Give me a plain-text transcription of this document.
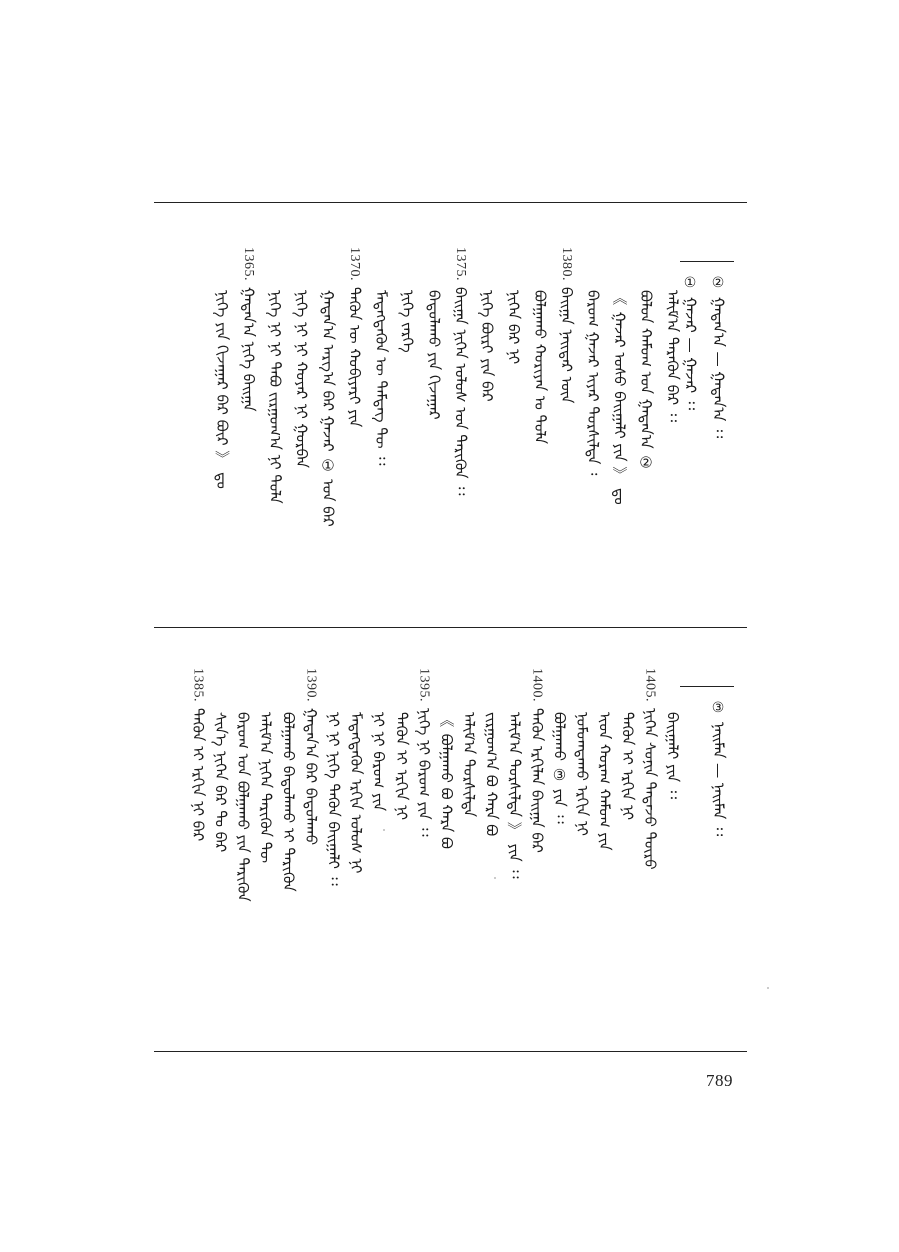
②
ᠭᠠᠳᠠᠨ᠎ᠠ — ᠭᠠᠳᠠᠨ᠎ᠠ ᠄᠄
①
ᠭᠠᠵᠠᠷ — ᠭᠠᠵᠠᠷ ᠄᠄
ᠠᠯᠢᠮ᠎ᠠ ᠲᠡᠷᠡᠭᠦᠨ ᠪᠠᠷ ᠄᠄
ᠪᠣᠯᠤᠨ ᠬᠠᠮᠤᠭ ᠤᠨ ᠭᠠᠳᠠᠨ᠎ᠠ ②
《 ᠭᠠᠵᠠᠷ ᠤᠰᠤ ᠪᠠᠢᠭᠠᠯᠢ ᠶᠢᠨ 》 ᠳᠤ
ᠪᠠᠷᠤᠭ ᠭᠠᠵᠠᠷ ᠢᠶᠠᠷ ᠲᠤᠷᠰᠢᠯᠲᠠ ᠄
1380.
ᠪᠠᠢᠭᠠ ᠨᠡᠢᠲᠡᠷ ᠦᠨ
ᠪᠣᠯᠭᠠᠬᠤ ᠬᠤᠷᠢᠶᠠᠨ ᠤ ᠲᠤᠯᠠ
ᠨᠢᠭᠡᠨ ᠪᠠᠷ ᠨᠢ
ᠨᠢᠭᠡ ᠪᠦᠷᠢ ᠶᠢᠨ ᠪᠠᠷ
1375.
ᠪᠠᠢᠭᠠ ᠨᠢᠭᠡᠨ ᠤᠯᠤᠰ ᠤᠨ ᠲᠡᠷᠢᠭᠦᠨ ᠄᠄
ᠪᠠᠲᠤᠯᠠᠬᠤ ᠶᠢᠨ ᠬᠢᠵᠠᠭᠠᠷ
ᠨᠢᠭᠡ ᠵᠡᠷᠭᠡ
ᠮᠡᠳᠡᠭᠳᠡᠬᠦᠨ ᠦ ᠲᠡᠮᠳᠡᠭ ᠲᠦ ᠄᠄
1370.
ᠲᠡᠭᠦᠨ ᠦ ᠬᠤᠪᠢᠶᠠᠷᠢ ᠶᠢᠨ
ᠭᠠᠳᠠᠨ᠎ᠠ ᠠᠷᠭ᠎ᠠ ᠪᠠᠷ ᠭᠠᠵᠠᠷ ① ᠤᠨ ᠪᠠᠷ
ᠨᠢᠭᠡ ᠨᠢ ᠨᠢ ᠬᠤᠶᠠᠷ ᠨᠢ ᠭᠤᠷᠪᠠᠨ
ᠨᠢᠭᠡ ᠨᠢ ᠨᠢ ᠲᠠᠪᠤ ᠵᠢᠷᠭᠤᠭ᠎ᠠ ᠨᠢ ᠲᠤᠯᠠ
1365.
ᠭᠠᠳᠠᠨ᠎ᠠ ᠨᠢᠭᠡ ᠪᠠᠢᠭᠠ
ᠨᠢᠭᠡ ᠶᠢᠨ ᠬᠢᠵᠠᠭᠠᠷ ᠪᠠᠷ ᠪᠦᠷ 》 ᠳᠤ
③
ᠨᠠᠢᠮᠠᠨ — ᠨᠠᠢᠮᠠᠨ ᠄᠄
ᠪᠠᠢᠭᠠᠯᠢ ᠶᠢᠨ ᠄᠄
1405.
ᠨᠢᠭᠡᠨ ᠰᠣᠨᠢᠨ ᠲᠠᠲᠠᠵᠤ ᠲᠦᠷᠦ
ᠲᠡᠭᠦᠨ ᠢ ᠡᠷᠬᠢᠨ ᠨᠢ
ᠢᠳ ᠬᠤᠷᠠᠭ ᠬᠠᠮᠤᠭ ᠶᠢᠨ
ᠨᠣᠮᠤᠭᠳᠠᠬᠤ ᠡᠷᠬᠢᠨ ᠨᠢ
ᠪᠣᠯᠭᠠᠬᠤ ③ ᠶᠢᠨ ᠄᠄
1400.
ᠲᠡᠭᠦᠨ ᠡᠷᠬᠢᠯᠡᠨ ᠪᠠᠢᠭᠠ ᠪᠠᠷ
ᠠᠯᠢᠮ᠎ᠠ ᠲᠤᠷᠰᠢᠯᠲᠠ 》 ᠶᠢᠨ ᠄᠄
ᠵᠢᠷᠭᠤᠭ᠎ᠠ ᠪᠤ ᠬᠠᠷᠠ ᠪᠤ
ᠠᠯᠢᠮ᠎ᠠ ᠲᠤᠷᠰᠢᠯᠲᠠ
《 ᠪᠣᠯᠭᠠᠬᠤ ᠪᠤ ᠬᠠᠷᠠ ᠪᠤ
1395.
ᠨᠢᠭᠡ ᠨᠢ ᠪᠠᠷᠤᠭ ᠶᠢᠨ ᠄᠄
ᠲᠡᠭᠦᠨ ᠢ ᠡᠷᠬᠢᠨ ᠨᠢ
ᠨᠢ ᠨᠢ ᠪᠠᠷᠤᠭ ᠶᠢᠨ
ᠮᠡᠳᠡᠭᠳᠡᠬᠦᠨ ᠡᠷᠬᠢᠨ ᠤᠯᠤᠰ ᠨᠢ
ᠨᠢ ᠨᠢ ᠨᠢᠭᠡ ᠲᠡᠭᠦᠨ ᠪᠠᠢᠭᠠᠯᠢ ᠄᠄
1390.
ᠭᠠᠳᠠᠨ᠎ᠠ ᠪᠠᠷ ᠪᠠᠲᠤᠯᠠᠬᠤ
ᠪᠣᠯᠭᠠᠬᠤ ᠪᠠᠲᠤᠯᠠᠬᠤ ᠢ ᠲᠡᠷᠢᠭᠦᠨ
ᠠᠯᠢᠮ᠎ᠠ ᠨᠢᠭᠡᠨ ᠲᠡᠷᠢᠭᠦᠨ ᠲᠦ
ᠪᠠᠷᠤᠭ ᠤᠨ ᠪᠣᠯᠭᠠᠬᠤ ᠶᠢᠨ ᠲᠡᠷᠢᠭᠦᠨ
ᠰᠢᠨ᠎ᠡ ᠨᠢᠭᠡᠨ ᠪᠠᠷ ᠲᠤ ᠪᠠᠷ
1385.
ᠲᠡᠭᠦᠨ ᠢ ᠡᠷᠬᠢᠨ ᠨᠢ ᠪᠠᠷ
789
